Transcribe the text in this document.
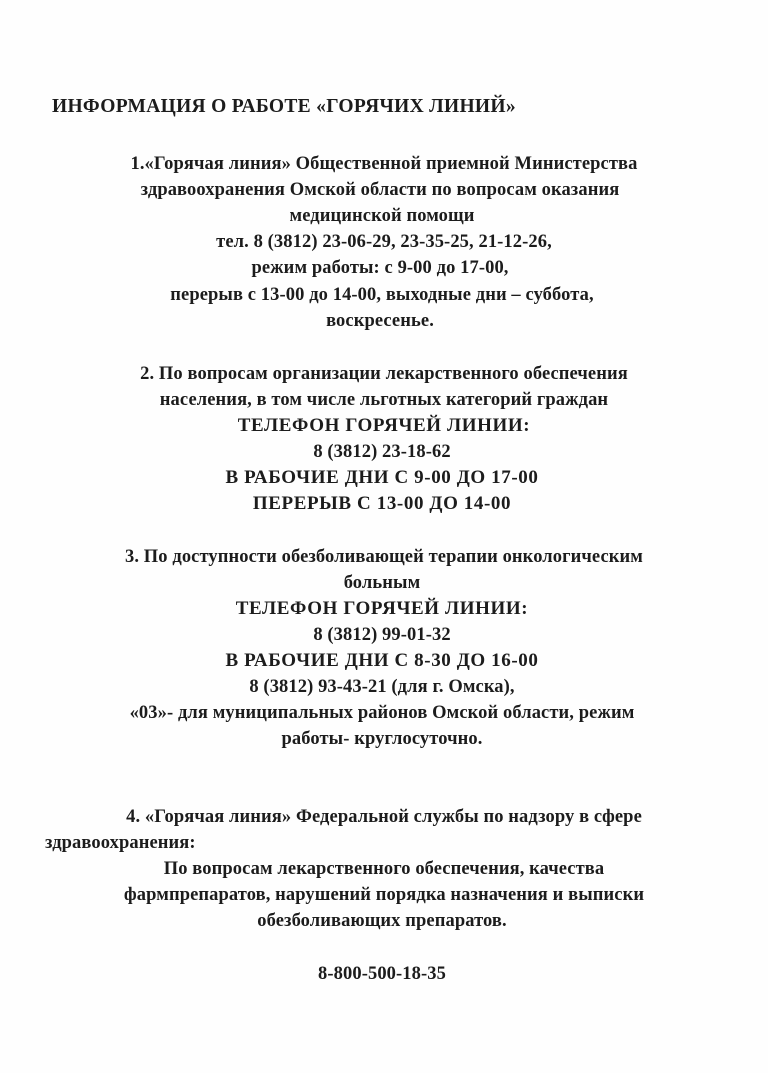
ИНФОРМАЦИЯ О РАБОТЕ «ГОРЯЧИХ ЛИНИЙ»
1.«Горячая линия» Общественной приемной Министерства
здравоохранения Омской области по вопросам оказания
медицинской помощи
тел. 8 (3812) 23-06-29, 23-35-25, 21-12-26,
режим работы: с 9-00 до 17-00,
перерыв с 13-00 до 14-00, выходные дни – суббота,
воскресенье.
2. По вопросам организации лекарственного обеспечения
населения, в том числе льготных категорий граждан
ТЕЛЕФОН ГОРЯЧЕЙ ЛИНИИ:
8 (3812) 23-18-62
В РАБОЧИЕ ДНИ С 9-00 ДО 17-00
ПЕРЕРЫВ С 13-00 ДО 14-00
3. По доступности обезболивающей терапии онкологическим
больным
ТЕЛЕФОН ГОРЯЧЕЙ ЛИНИИ:
8 (3812) 99-01-32
В РАБОЧИЕ ДНИ С 8-30 ДО 16-00
8 (3812) 93-43-21 (для г. Омска),
«03»- для муниципальных районов Омской области, режим
работы- круглосуточно.
4. «Горячая линия» Федеральной службы по надзору в сфере
здравоохранения:
По вопросам лекарственного обеспечения, качества
фармпрепаратов, нарушений порядка назначения и выписки
обезболивающих препаратов.
8-800-500-18-35
